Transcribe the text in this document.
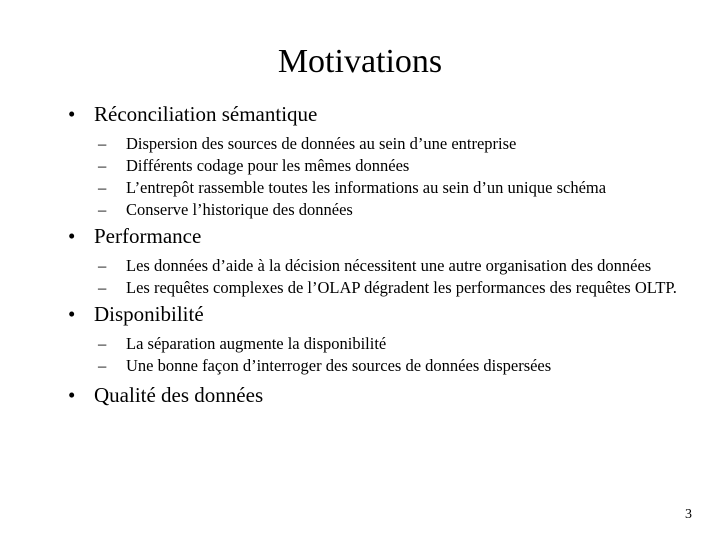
Motivations
• Réconciliation sémantique
–	Dispersion des sources de données au sein d’une entreprise
–	Différents codage pour les mêmes données
–	L’entrepôt rassemble toutes les informations au sein d’un unique schéma
–	Conserve l’historique des données
• Performance
–	Les données d’aide à la décision nécessitent une autre organisation des données
–	Les requêtes complexes de l’OLAP dégradent les performances des requêtes OLTP.
• Disponibilité
–	La séparation augmente la disponibilité
–	Une bonne façon d’interroger des sources de données dispersées
• Qualité des données
3
